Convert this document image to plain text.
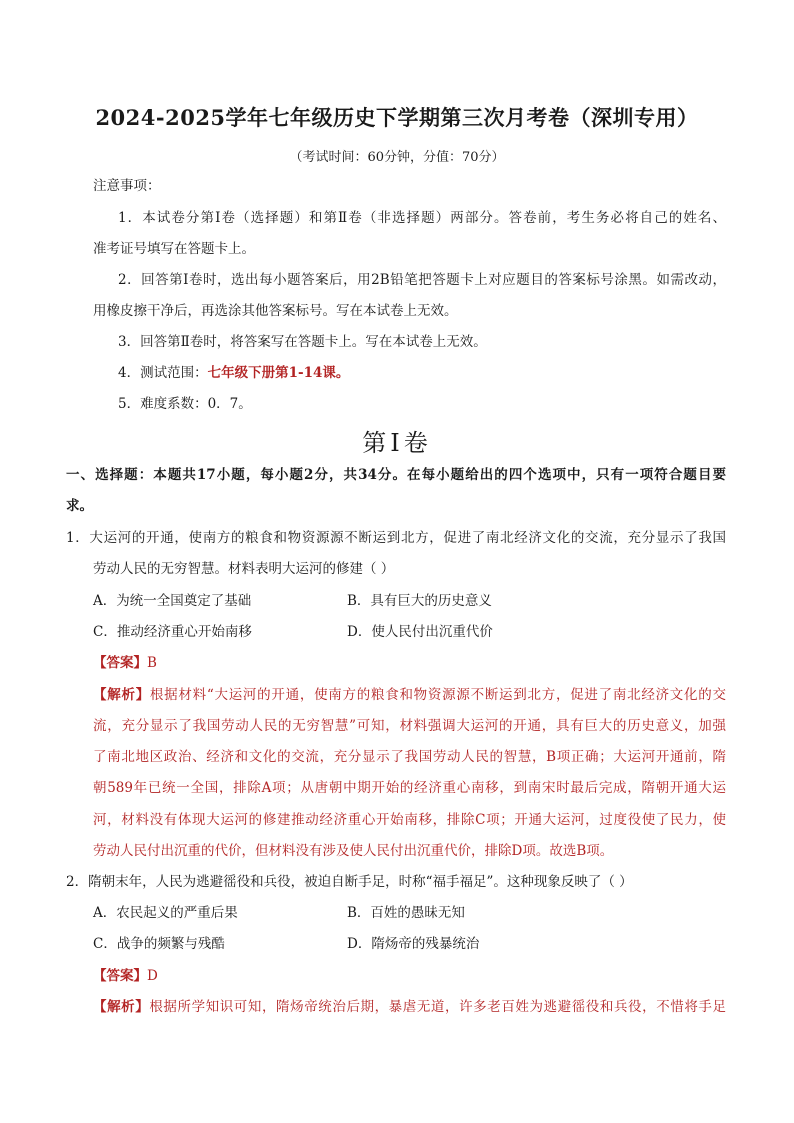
2024-2025学年七年级历史下学期第三次月考卷（深圳专用）
（考试时间：60分钟，分值：70分）
注意事项：
1．本试卷分第Ⅰ卷（选择题）和第Ⅱ卷（非选择题）两部分。答卷前，考生务必将自己的姓名、
准考证号填写在答题卡上。
2．回答第Ⅰ卷时，选出每小题答案后，用2B铅笔把答题卡上对应题目的答案标号涂黑。如需改动，
用橡皮擦干净后，再选涂其他答案标号。写在本试卷上无效。
3．回答第Ⅱ卷时，将答案写在答题卡上。写在本试卷上无效。
4．测试范围：七年级下册第1-14课。
5．难度系数：0．7。
第Ⅰ卷
一、选择题：本题共17小题，每小题2分，共34分。在每小题给出的四个选项中，只有一项符合题目要
求。
1．大运河的开通，使南方的粮食和物资源源不断运到北方，促进了南北经济文化的交流，充分显示了我国
劳动人民的无穷智慧。材料表明大运河的修建（ ）
A．为统一全国奠定了基础	B．具有巨大的历史意义
C．推动经济重心开始南移	D．使人民付出沉重代价
【答案】B
【解析】根据材料“大运河的开通，使南方的粮食和物资源源不断运到北方，促进了南北经济文化的交
流，充分显示了我国劳动人民的无穷智慧”可知，材料强调大运河的开通，具有巨大的历史意义，加强
了南北地区政治、经济和文化的交流，充分显示了我国劳动人民的智慧，B项正确；大运河开通前，隋
朝589年已统一全国，排除A项；从唐朝中期开始的经济重心南移，到南宋时最后完成，隋朝开通大运
河，材料没有体现大运河的修建推动经济重心开始南移，排除C项；开通大运河，过度役使了民力，使
劳动人民付出沉重的代价，但材料没有涉及使人民付出沉重代价，排除D项。故选B项。
2．隋朝末年，人民为逃避徭役和兵役，被迫自断手足，时称“福手福足”。这种现象反映了（ ）
A．农民起义的严重后果	B．百姓的愚昧无知
C．战争的频繁与残酷	D．隋炀帝的残暴统治
【答案】D
【解析】根据所学知识可知，隋炀帝统治后期，暴虐无道，许多老百姓为逃避徭役和兵役，不惜将手足
